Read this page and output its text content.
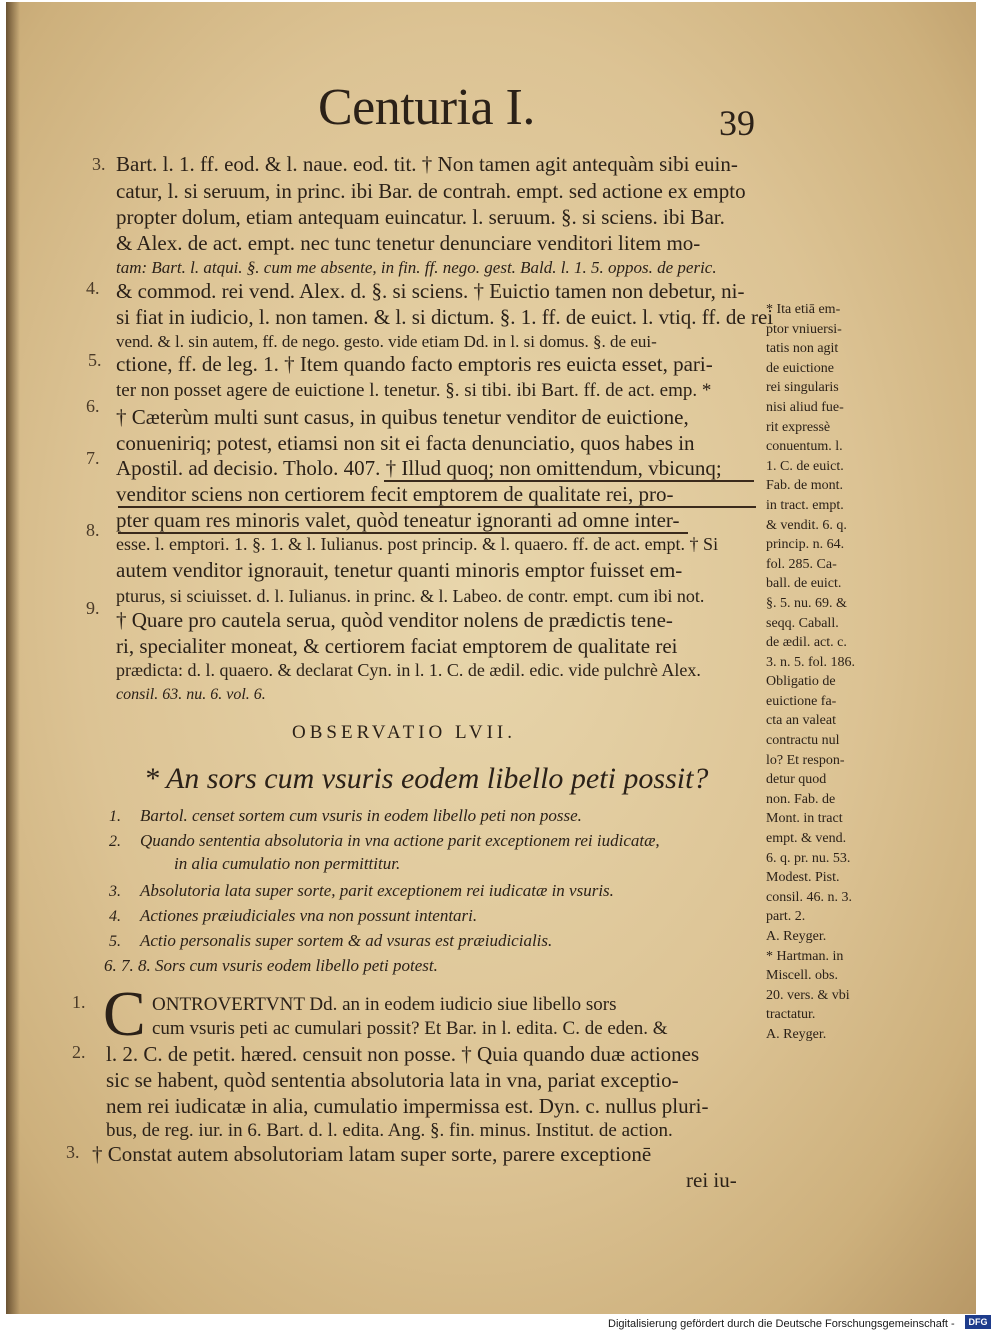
Centuria I.	39
3.
4.
5.
6.
7.
8.
9.
Bart. l. 1. ff. eod. & l. naue. eod. tit. † Non tamen agit antequàm sibi euin-
catur, l. si seruum, in princ. ibi Bar. de contrah. empt. sed actione ex empto
propter dolum, etiam antequam euincatur. l. seruum. §. si sciens. ibi Bar.
& Alex. de act. empt. nec tunc tenetur denunciare venditori litem mo-
tam: Bart. l. atqui. §. cum me absente, in fin. ff. nego. gest. Bald. l. 1. 5. oppos. de peric.
& commod. rei vend. Alex. d. §. si sciens. † Euictio tamen non debetur, ni-
si fiat in iudicio, l. non tamen. & l. si dictum. §. 1. ff. de euict. l. vtiq. ff. de rei
vend. & l. sin autem, ff. de nego. gesto. vide etiam Dd. in l. si domus. §. de eui-
ctione, ff. de leg. 1. † Item quando facto emptoris res euicta esset, pari-
ter non posset agere de euictione l. tenetur. §. si tibi. ibi Bart. ff. de act. emp. *
† Cæterùm multi sunt casus, in quibus tenetur venditor de euictione,
conueniriq; potest, etiamsi non sit ei facta denunciatio, quos habes in
Apostil. ad decisio. Tholo. 407. † Illud quoq; non omittendum, vbicunq;
venditor sciens non certiorem fecit emptorem de qualitate rei, pro-
pter quam res minoris valet, quòd teneatur ignoranti ad omne inter-
esse. l. emptori. 1. §. 1. & l. Iulianus. post princip. & l. quaero. ff. de act. empt. † Si
autem venditor ignorauit, tenetur quanti minoris emptor fuisset em-
pturus, si sciuisset. d. l. Iulianus. in princ. & l. Labeo. de contr. empt. cum ibi not.
† Quare pro cautela serua, quòd venditor nolens de prædictis tene-
ri, specialiter moneat, & certiorem faciat emptorem de qualitate rei
prædicta: d. l. quaero. & declarat Cyn. in l. 1. C. de ædil. edic. vide pulchrè Alex.
consil. 63. nu. 6. vol. 6.
OBSERVATIO LVII.
* An sors cum vsuris eodem libello peti possit?
1. Bartol. censet sortem cum vsuris in eodem libello peti non posse.
2. Quando sententia absolutoria in vna actione parit exceptionem rei iudicatæ,
in alia cumulatio non permittitur.
3. Absolutoria lata super sorte, parit exceptionem rei iudicatæ in vsuris.
4. Actiones præiudiciales vna non possunt intentari.
5. Actio personalis super sortem & ad vsuras est præiudicialis.
6. 7. 8. Sors cum vsuris eodem libello peti potest.
1.
2.
3.
C ONTROVERTVNT Dd. an in eodem iudicio siue libello sors
cum vsuris peti ac cumulari possit? Et Bar. in l. edita. C. de eden. &
l. 2. C. de petit. hæred. censuit non posse. † Quia quando duæ actiones
sic se habent, quòd sententia absolutoria lata in vna, pariat exceptio-
nem rei iudicatæ in alia, cumulatio impermissa est. Dyn. c. nullus pluri-
bus, de reg. iur. in 6. Bart. d. l. edita. Ang. §. fin. minus. Institut. de action.
† Constat autem absolutoriam latam super sorte, parere exceptionē
rei iu-
* Ita etiā em-
ptor vniuersi-
tatis non agit
de euictione
rei singularis
nisi aliud fue-
rit expressè
conuentum. l.
1. C. de euict.
Fab. de mont.
in tract. empt.
& vendit. 6. q.
princip. n. 64.
fol. 285. Ca-
ball. de euict.
§. 5. nu. 69. &
seqq. Caball.
de ædil. act. c.
3. n. 5. fol. 186.
Obligatio de
euictione fa-
cta an valeat
contractu nul
lo? Et respon-
detur quod
non. Fab. de
Mont. in tract
empt. & vend.
6. q. pr. nu. 53.
Modest. Pist.
consil. 46. n. 3.
part. 2.
A. Reyger.
* Hartman. in
Miscell. obs.
20. vers. & vbi
tractatur.
A. Reyger.
Digitalisierung gefördert durch die Deutsche Forschungsgemeinschaft -	DFG
